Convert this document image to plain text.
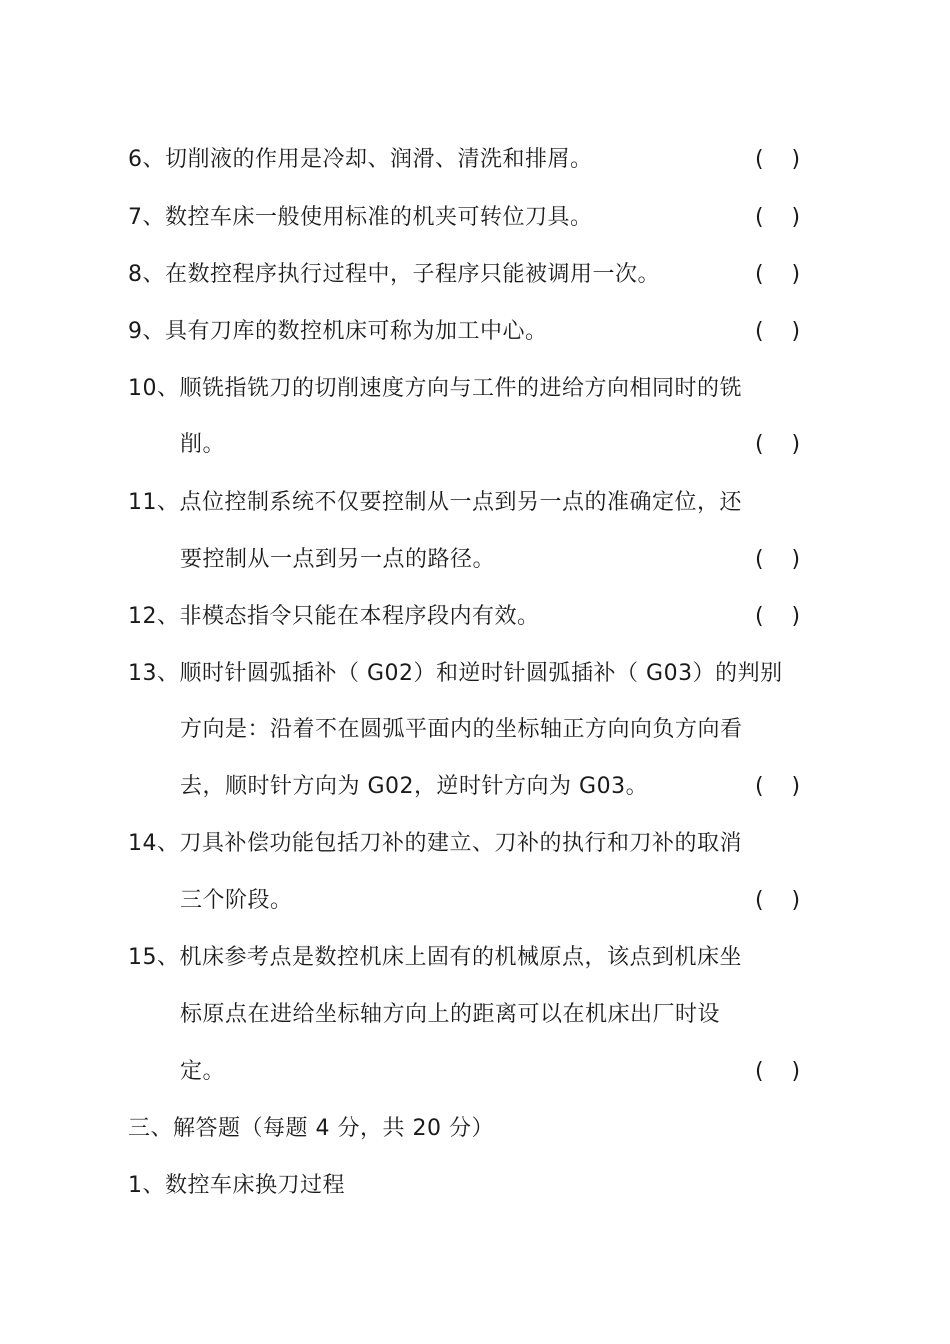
6、切削液的作用是冷却、润滑、清洗和排屑。	(    )
7、数控车床一般使用标准的机夹可转位刀具。	(    )
8、在数控程序执行过程中，子程序只能被调用一次。	(    )
9、具有刀库的数控机床可称为加工中心。	(    )
10、顺铣指铣刀的切削速度方向与工件的进给方向相同时的铣
削。	(    )
11、点位控制系统不仅要控制从一点到另一点的准确定位，还
要控制从一点到另一点的路径。	(    )
12、非模态指令只能在本程序段内有效。	(    )
13、顺时针圆弧插补（ G02）和逆时针圆弧插补（ G03）的判别
方向是：沿着不在圆弧平面内的坐标轴正方向向负方向看
去，顺时针方向为 G02，逆时针方向为 G03。	(    )
14、刀具补偿功能包括刀补的建立、刀补的执行和刀补的取消
三个阶段。	(    )
15、机床参考点是数控机床上固有的机械原点，该点到机床坐
标原点在进给坐标轴方向上的距离可以在机床出厂时设
定。	(    )
三、解答题（每题 4 分，共 20 分）
1、数控车床换刀过程
